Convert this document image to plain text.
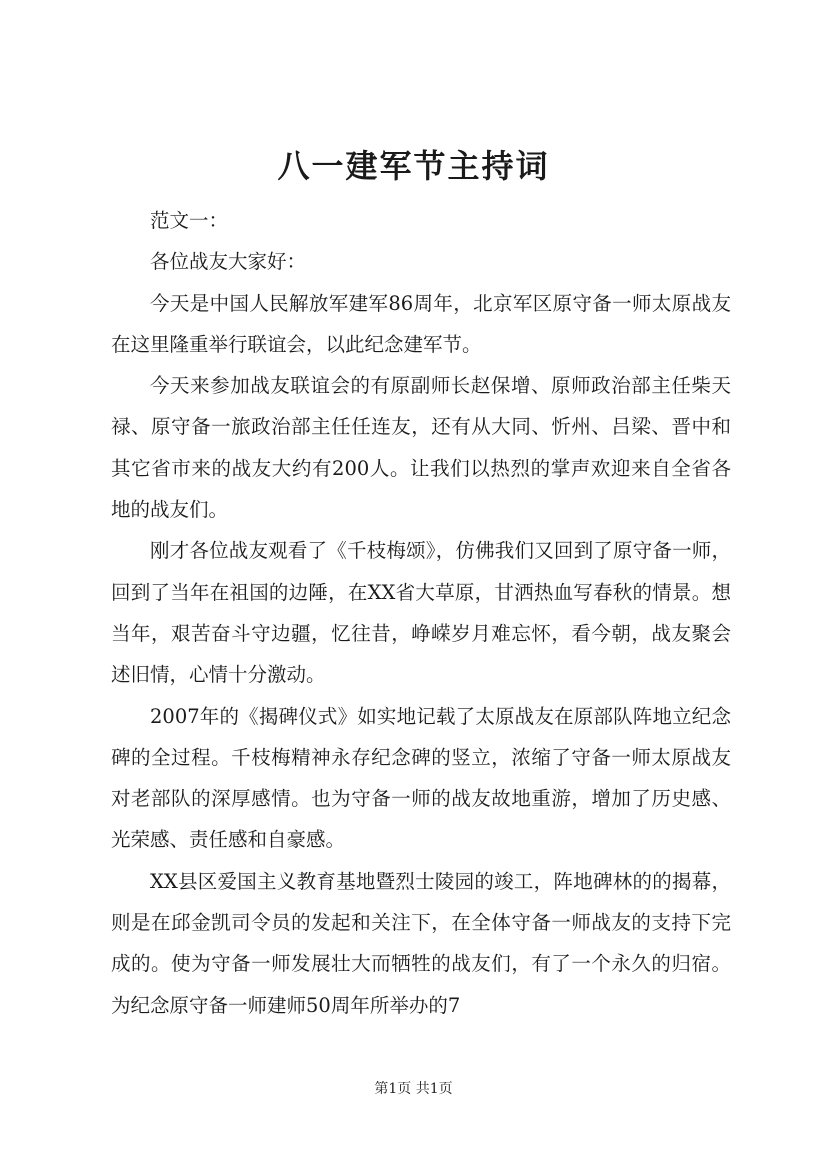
八一建军节主持词

范文一：

各位战友大家好：

今天是中国人民解放军建军86周年，北京军区原守备一师太原战友在这里隆重举行联谊会，以此纪念建军节。

今天来参加战友联谊会的有原副师长赵保增、原师政治部主任柴天禄、原守备一旅政治部主任任连友，还有从大同、忻州、吕梁、晋中和其它省市来的战友大约有200人。让我们以热烈的掌声欢迎来自全省各地的战友们。

刚才各位战友观看了《千枝梅颂》，仿佛我们又回到了原守备一师，回到了当年在祖国的边陲，在XX省大草原，甘洒热血写春秋的情景。想当年，艰苦奋斗守边疆，忆往昔，峥嵘岁月难忘怀，看今朝，战友聚会述旧情，心情十分激动。

2007年的《揭碑仪式》如实地记载了太原战友在原部队阵地立纪念碑的全过程。千枝梅精神永存纪念碑的竖立，浓缩了守备一师太原战友对老部队的深厚感情。也为守备一师的战友故地重游，增加了历史感、光荣感、责任感和自豪感。

XX县区爱国主义教育基地暨烈士陵园的竣工，阵地碑林的的揭幕，则是在邱金凯司令员的发起和关注下，在全体守备一师战友的支持下完成的。使为守备一师发展壮大而牺牲的战友们，有了一个永久的归宿。为纪念原守备一师建师50周年所举办的7

第1页 共1页
